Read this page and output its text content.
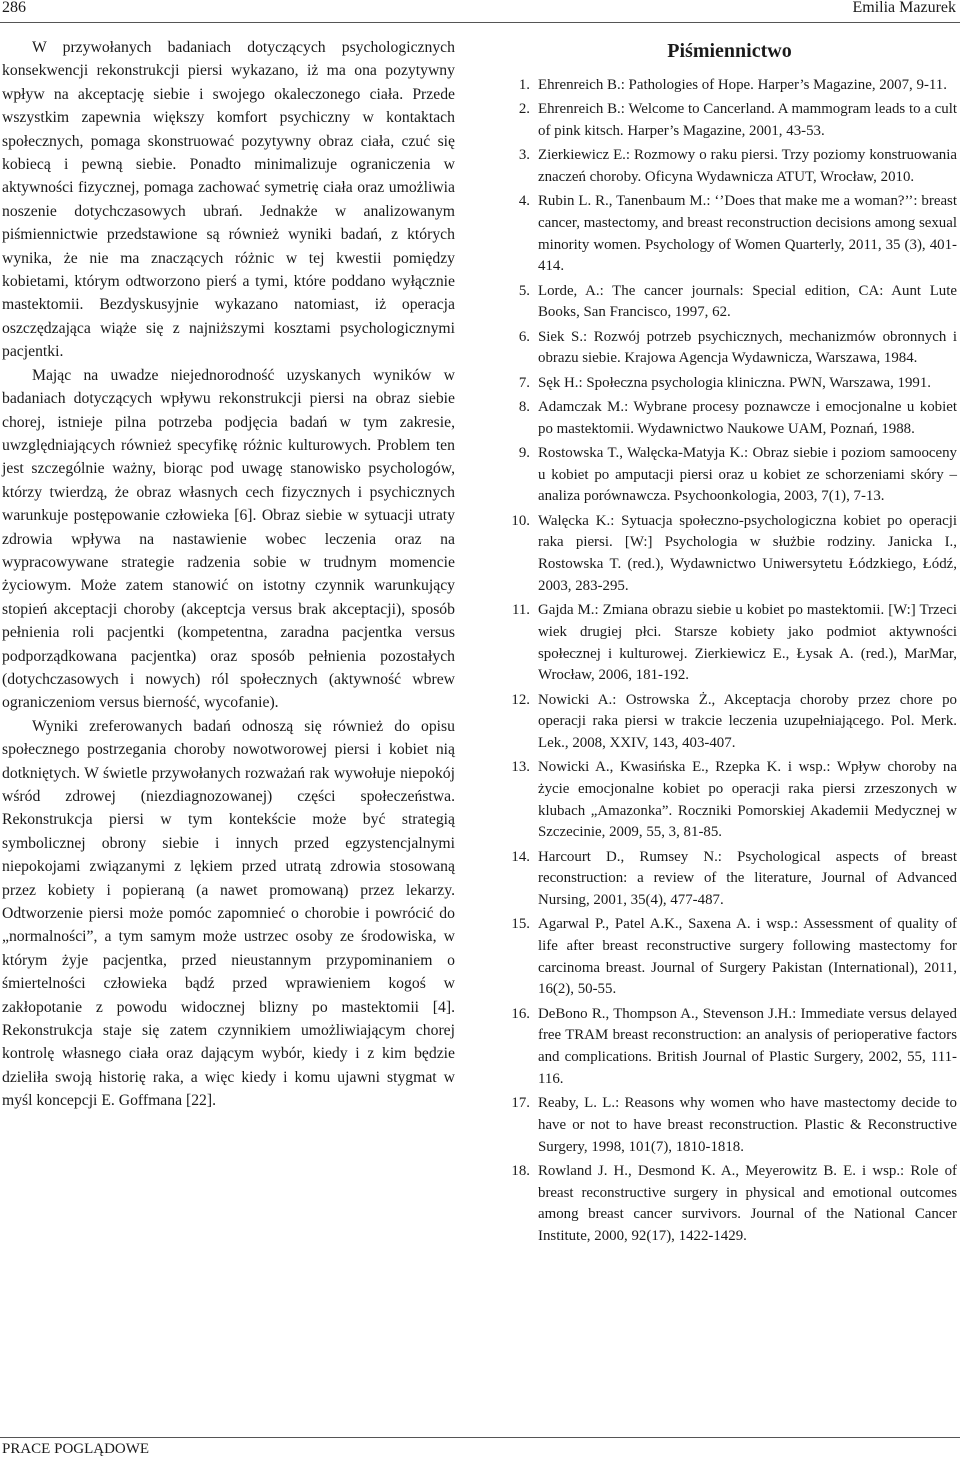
286	Emilia Mazurek

W przywołanych badaniach dotyczących psychologicznych konsekwencji rekonstrukcji piersi wykazano, iż ma ona pozytywny wpływ na akceptację siebie i swojego okaleczonego ciała. Przede wszystkim zapewnia większy komfort psychiczny w kontaktach społecznych, pomaga skonstruować pozytywny obraz ciała, czuć się kobiecą i pewną siebie. Ponadto minimalizuje ograniczenia w aktywności fizycznej, pomaga zachować symetrię ciała oraz umożliwia noszenie dotychczasowych ubrań. Jednakże w analizowanym piśmiennictwie przedstawione są również wyniki badań, z których wynika, że nie ma znaczących różnic w tej kwestii pomiędzy kobietami, którym odtworzono pierś a tymi, które poddano wyłącznie mastektomii. Bezdyskusyjnie wykazano natomiast, iż operacja oszczędzająca wiąże się z najniższymi kosztami psychologicznymi pacjentki.

Mając na uwadze niejednorodność uzyskanych wyników w badaniach dotyczących wpływu rekonstrukcji piersi na obraz siebie chorej, istnieje pilna potrzeba podjęcia badań w tym zakresie, uwzględniających również specyfikę różnic kulturowych. Problem ten jest szczególnie ważny, biorąc pod uwagę stanowisko psychologów, którzy twierdzą, że obraz własnych cech fizycznych i psychicznych warunkuje postępowanie człowieka [6]. Obraz siebie w sytuacji utraty zdrowia wpływa na nastawienie wobec leczenia oraz na wypracowywane strategie radzenia sobie w trudnym momencie życiowym. Może zatem stanowić on istotny czynnik warunkujący stopień akceptacji choroby (akceptcja versus brak akceptacji), sposób pełnienia roli pacjentki (kompetentna, zaradna pacjentka versus podporządkowana pacjentka) oraz sposób pełnienia pozostałych (dotychczasowych i nowych) ról społecznych (aktywność wbrew ograniczeniom versus bierność, wycofanie).

Wyniki zreferowanych badań odnoszą się również do opisu społecznego postrzegania choroby nowotworowej piersi i kobiet nią dotkniętych. W świetle przywołanych rozważań rak wywołuje niepokój wśród zdrowej (niezdiagnozowanej) części społeczeństwa. Rekonstrukcja piersi w tym kontekście może być strategią symbolicznej obrony siebie i innych przed egzystencjalnymi niepokojami związanymi z lękiem przed utratą zdrowia stosowaną przez kobiety i popieraną (a nawet promowaną) przez lekarzy. Odtworzenie piersi może pomóc zapomnieć o chorobie i powrócić do „normalności”, a tym samym może ustrzec osoby ze środowiska, w którym żyje pacjentka, przed nieustannym przypominaniem o śmiertelności człowieka bądź przed wprawieniem kogoś w zakłopotanie z powodu widocznej blizny po mastektomii [4]. Rekonstrukcja staje się zatem czynnikiem umożliwiającym chorej kontrolę własnego ciała oraz dającym wybór, kiedy i z kim będzie dzieliła swoją historię raka, a więc kiedy i komu ujawni stygmat w myśl koncepcji E. Goffmana [22].

Piśmiennictwo
1. Ehrenreich B.: Pathologies of Hope. Harper’s Magazine, 2007, 9-11.
2. Ehrenreich B.: Welcome to Cancerland. A mammogram leads to a cult of pink kitsch. Harper’s Magazine, 2001, 43-53.
3. Zierkiewicz E.: Rozmowy o raku piersi. Trzy poziomy konstruowania znaczeń choroby. Oficyna Wydawnicza ATUT, Wrocław, 2010.
4. Rubin L. R., Tanenbaum M.: ‘’Does that make me a woman?’’: breast cancer, mastectomy, and breast reconstruction decisions among sexual minority women. Psychology of Women Quarterly, 2011, 35 (3), 401-414.
5. Lorde, A.: The cancer journals: Special edition, CA: Aunt Lute Books, San Francisco, 1997, 62.
6. Siek S.: Rozwój potrzeb psychicznych, mechanizmów obronnych i obrazu siebie. Krajowa Agencja Wydawnicza, Warszawa, 1984.
7. Sęk H.: Społeczna psychologia kliniczna. PWN, Warszawa, 1991.
8. Adamczak M.: Wybrane procesy poznawcze i emocjonalne u kobiet po mastektomii. Wydawnictwo Naukowe UAM, Poznań, 1988.
9. Rostowska T., Walęcka-Matyja K.: Obraz siebie i poziom samooceny u kobiet po amputacji piersi oraz u kobiet ze schorzeniami skóry – analiza porównawcza. Psychoonkologia, 2003, 7(1), 7-13.
10. Walęcka K.: Sytuacja społeczno-psychologiczna kobiet po operacji raka piersi. [W:] Psychologia w służbie rodziny. Janicka I., Rostowska T. (red.), Wydawnictwo Uniwersytetu Łódzkiego, Łódź, 2003, 283-295.
11. Gajda M.: Zmiana obrazu siebie u kobiet po mastektomii. [W:] Trzeci wiek drugiej płci. Starsze kobiety jako podmiot aktywności społecznej i kulturowej. Zierkiewicz E., Łysak A. (red.), MarMar, Wrocław, 2006, 181-192.
12. Nowicki A.: Ostrowska Ż., Akceptacja choroby przez chore po operacji raka piersi w trakcie leczenia uzupełniającego. Pol. Merk. Lek., 2008, XXIV, 143, 403-407.
13. Nowicki A., Kwasińska E., Rzepka K. i wsp.: Wpływ choroby na życie emocjonalne kobiet po operacji raka piersi zrzeszonych w klubach „Amazonka”. Roczniki Pomorskiej Akademii Medycznej w Szczecinie, 2009, 55, 3, 81-85.
14. Harcourt D., Rumsey N.: Psychological aspects of breast reconstruction: a review of the literature, Journal of Advanced Nursing, 2001, 35(4), 477-487.
15. Agarwal P., Patel A.K., Saxena A. i wsp.: Assessment of quality of life after breast reconstructive surgery following mastectomy for carcinoma breast. Journal of Surgery Pakistan (International), 2011, 16(2), 50-55.
16. DeBono R., Thompson A., Stevenson J.H.: Immediate versus delayed free TRAM breast reconstruction: an analysis of perioperative factors and complications. British Journal of Plastic Surgery, 2002, 55, 111-116.
17. Reaby, L. L.: Reasons why women who have mastectomy decide to have or not to have breast reconstruction. Plastic & Reconstructive Surgery, 1998, 101(7), 1810-1818.
18. Rowland J. H., Desmond K. A., Meyerowitz B. E. i wsp.: Role of breast reconstructive surgery in physical and emotional outcomes among breast cancer survivors. Journal of the National Cancer Institute, 2000, 92(17), 1422-1429.
PRACE POGLĄDOWE
